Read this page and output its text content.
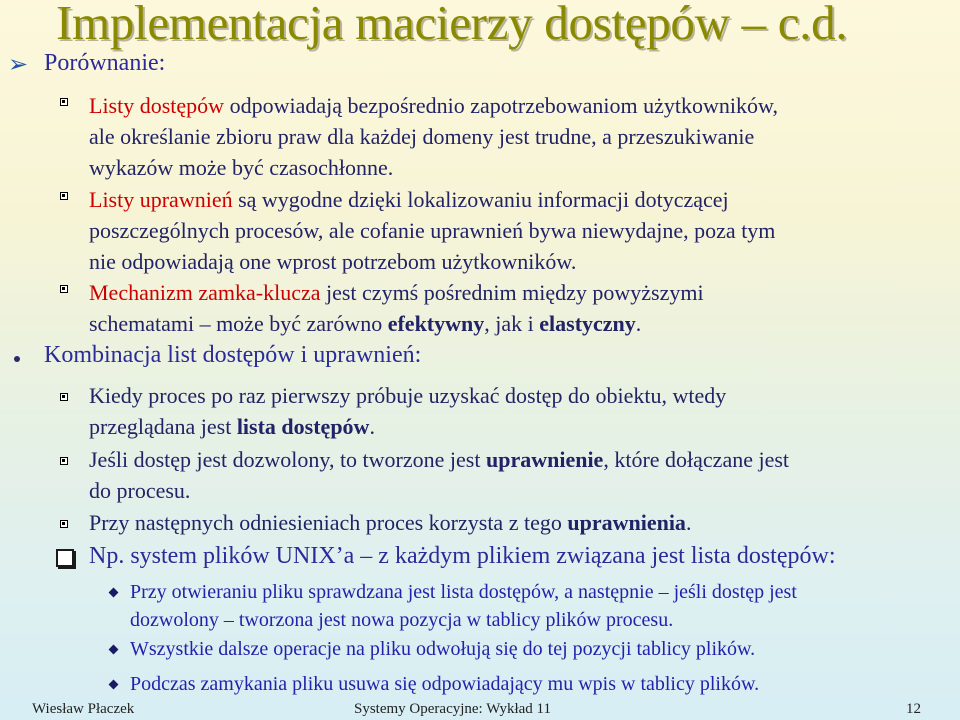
Implementacja macierzy dostępów – c.d.
➢ Porównanie:
Listy dostępów odpowiadają bezpośrednio zapotrzebowaniom użytkowników,
ale określanie zbioru praw dla każdej domeny jest trudne, a przeszukiwanie
wykazów może być czasochłonne.
Listy uprawnień są wygodne dzięki lokalizowaniu informacji dotyczącej
poszczególnych procesów, ale cofanie uprawnień bywa niewydajne, poza tym
nie odpowiadają one wprost potrzebom użytkowników.
Mechanizm zamka-klucza jest czymś pośrednim między powyższymi
schematami – może być zarówno efektywny, jak i elastyczny.
Kombinacja list dostępów i uprawnień:
Kiedy proces po raz pierwszy próbuje uzyskać dostęp do obiektu, wtedy
przeglądana jest lista dostępów.
Jeśli dostęp jest dozwolony, to tworzone jest uprawnienie, które dołączane jest
do procesu.
Przy następnych odniesieniach proces korzysta z tego uprawnienia.
Np. system plików UNIX’a – z każdym plikiem związana jest lista dostępów:
Przy otwieraniu pliku sprawdzana jest lista dostępów, a następnie – jeśli dostęp jest
dozwolony – tworzona jest nowa pozycja w tablicy plików procesu.
Wszystkie dalsze operacje na pliku odwołują się do tej pozycji tablicy plików.
Podczas zamykania pliku usuwa się odpowiadający mu wpis w tablicy plików.
Wiesław Płaczek	Systemy Operacyjne: Wykład 11	12
